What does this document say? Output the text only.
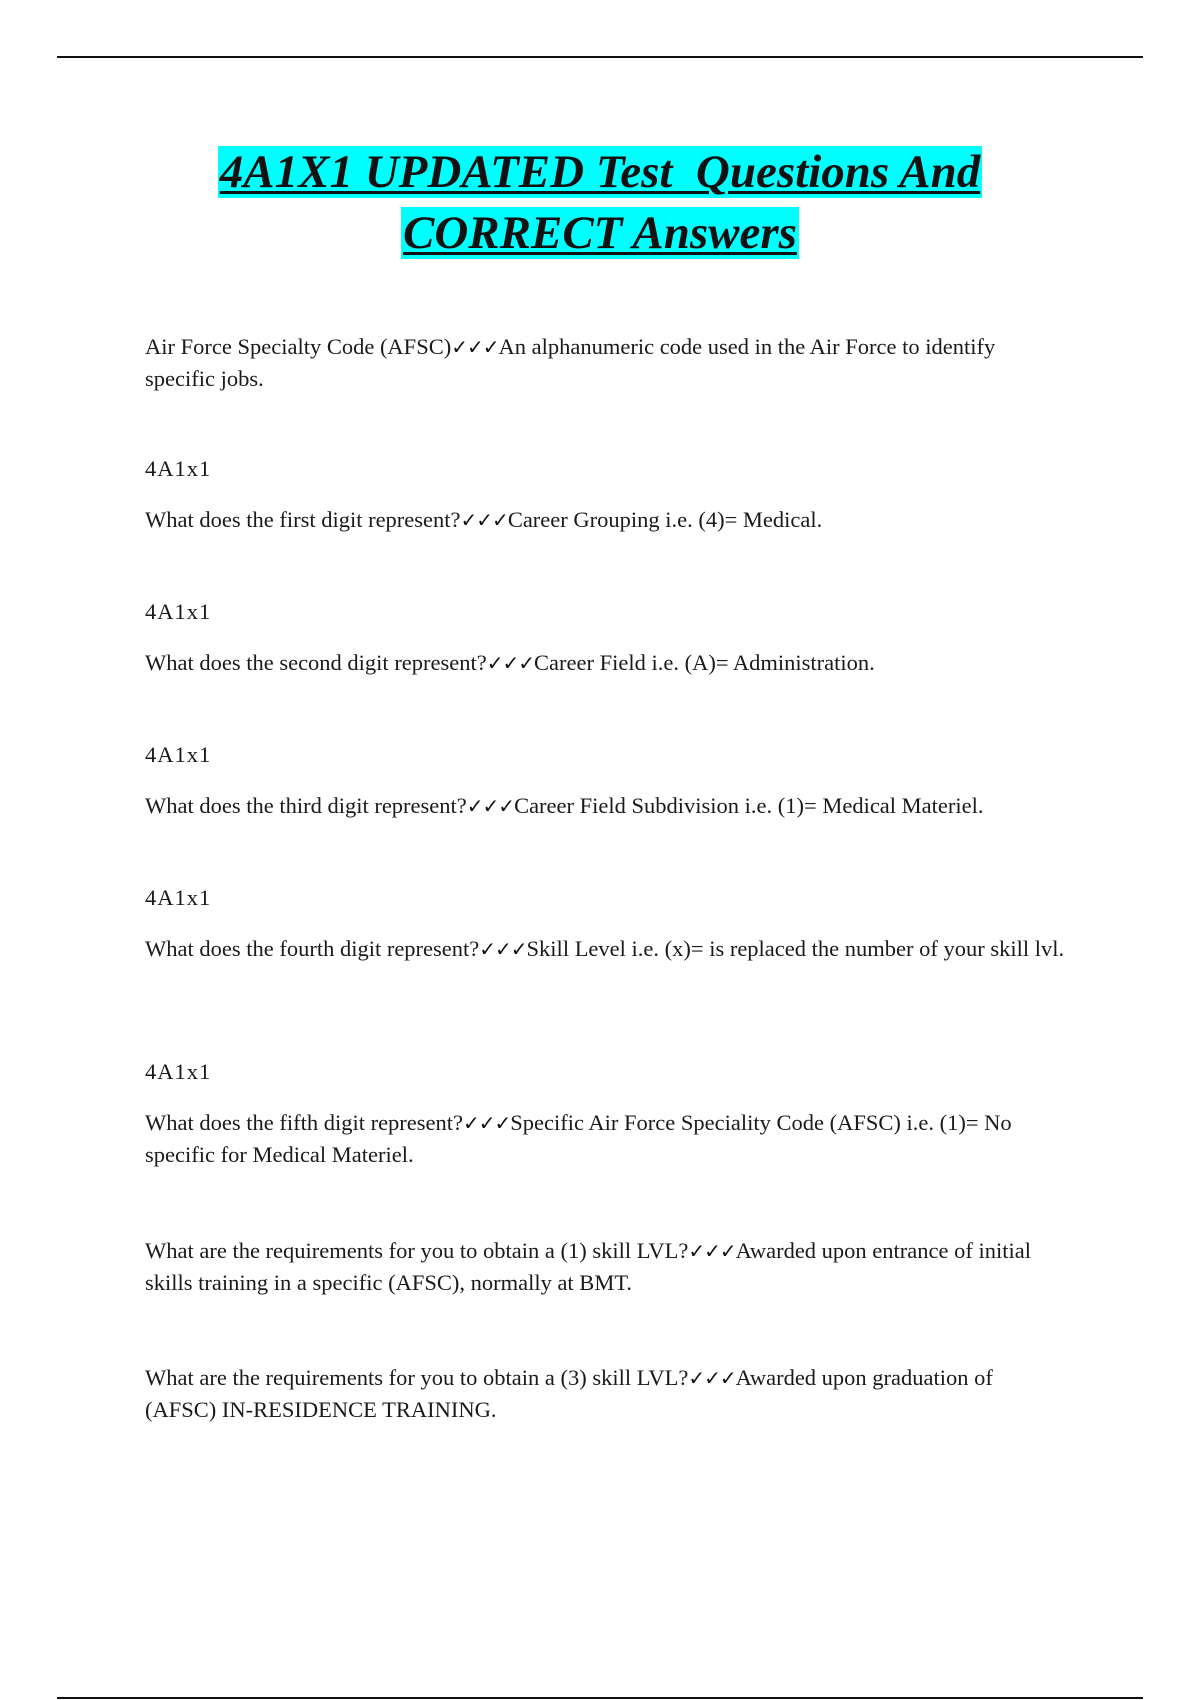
4A1X1 UPDATED Test  Questions And
CORRECT Answers

Air Force Specialty Code (AFSC)✓✓✓An alphanumeric code used in the Air Force to identify specific jobs.

4A1x1

What does the first digit represent?✓✓✓Career Grouping i.e. (4)= Medical.

4A1x1

What does the second digit represent?✓✓✓Career Field i.e. (A)= Administration.

4A1x1

What does the third digit represent?✓✓✓Career Field Subdivision i.e. (1)= Medical Materiel.

4A1x1

What does the fourth digit represent?✓✓✓Skill Level i.e. (x)= is replaced the number of your skill lvl.

4A1x1

What does the fifth digit represent?✓✓✓Specific Air Force Speciality Code (AFSC) i.e. (1)= No specific for Medical Materiel.

What are the requirements for you to obtain a (1) skill LVL?✓✓✓Awarded upon entrance of initial skills training in a specific (AFSC), normally at BMT.

What are the requirements for you to obtain a (3) skill LVL?✓✓✓Awarded upon graduation of (AFSC) IN-RESIDENCE TRAINING.
